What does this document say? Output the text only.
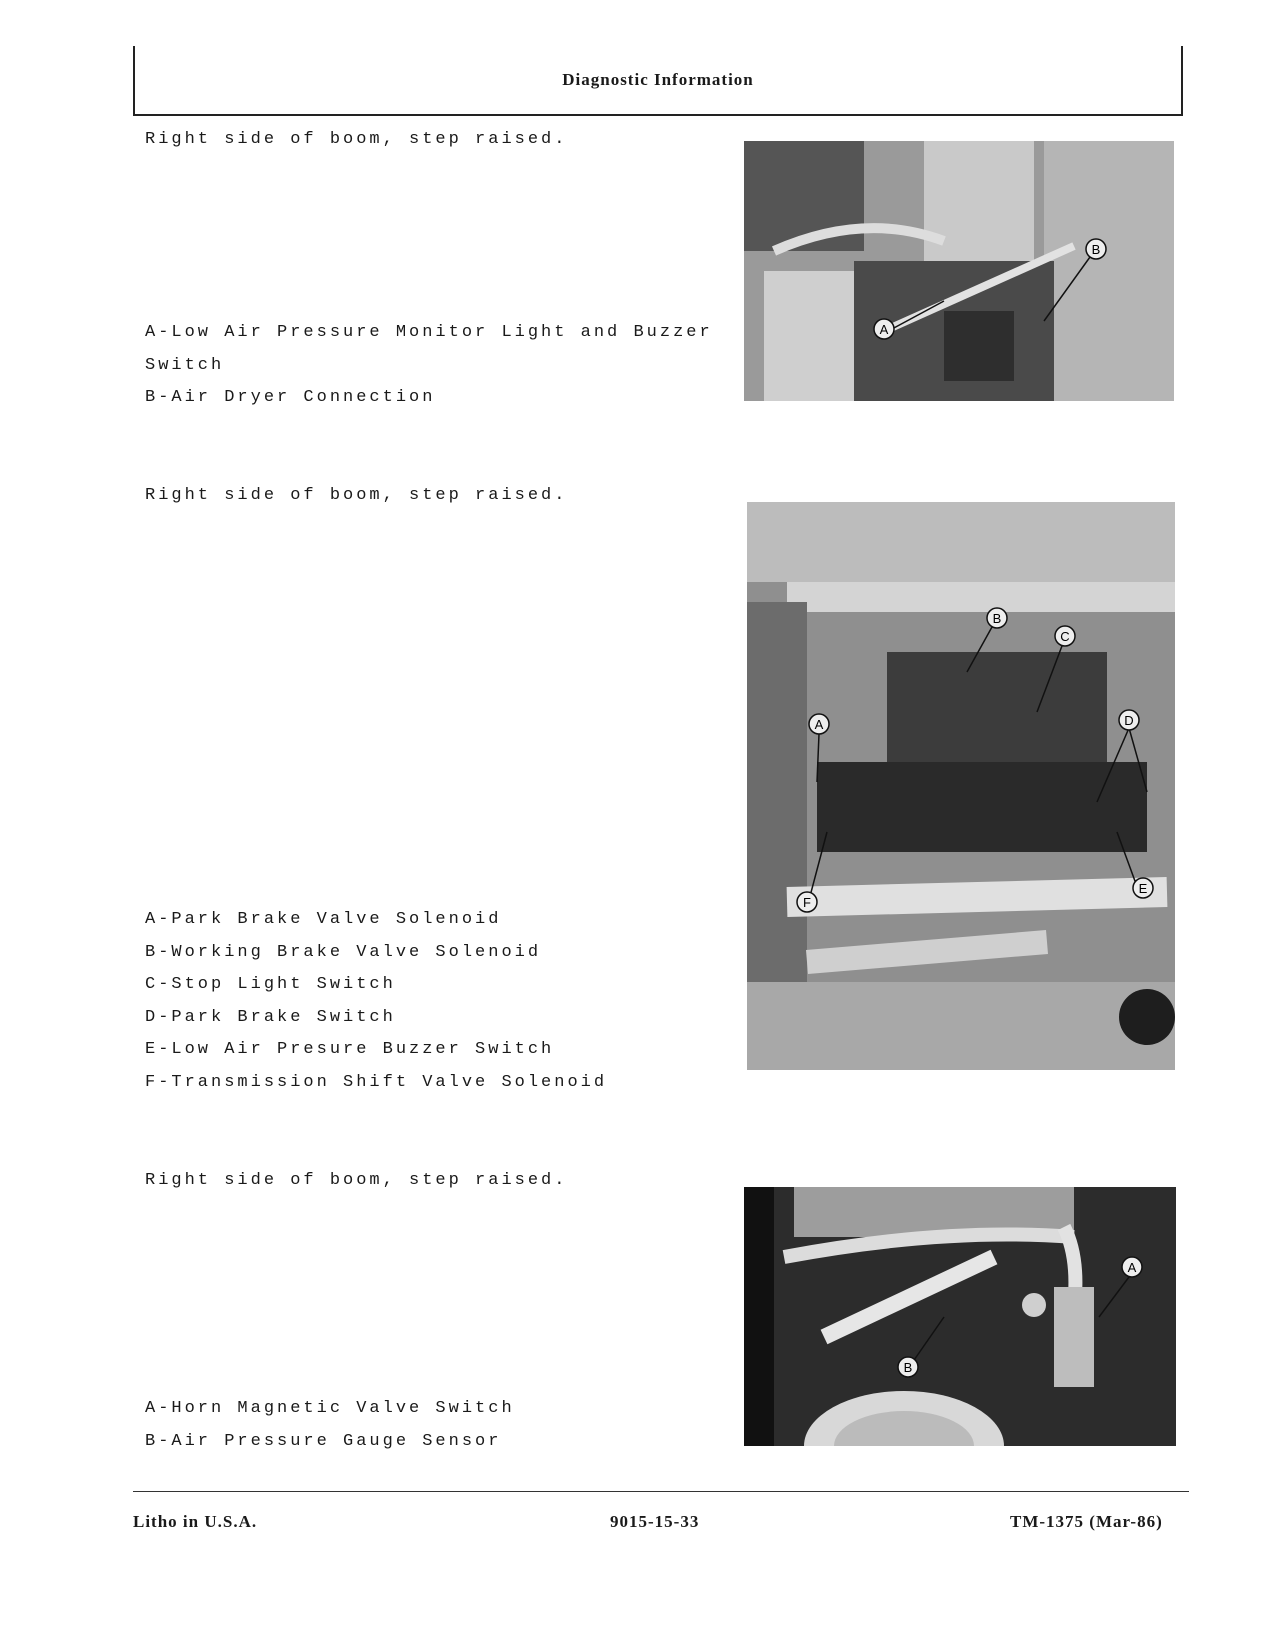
Diagnostic Information
Right side of boom, step raised.
A-Low Air Pressure Monitor Light and Buzzer
Switch
B-Air Dryer Connection
A
B
Right side of boom, step raised.
A-Park Brake Valve Solenoid
B-Working Brake Valve Solenoid
C-Stop Light Switch
D-Park Brake Switch
E-Low Air Presure Buzzer Switch
F-Transmission Shift Valve Solenoid
B
C
A	D
E
F
Right side of boom, step raised.
A-Horn Magnetic Valve Switch
B-Air Pressure Gauge Sensor
A
B
Litho in U.S.A.	9015-15-33	TM-1375 (Mar-86)
